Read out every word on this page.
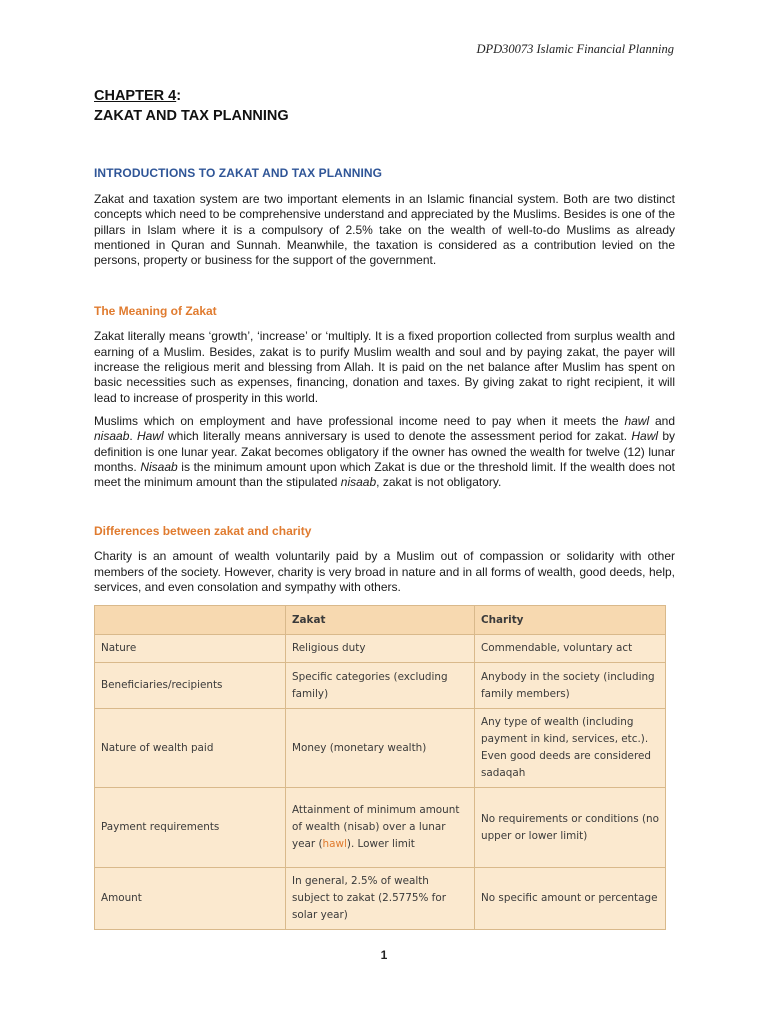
DPD30073 Islamic Financial Planning
CHAPTER 4:
ZAKAT AND TAX PLANNING
INTRODUCTIONS TO ZAKAT AND TAX PLANNING

Zakat and taxation system are two important elements in an Islamic financial system. Both are two distinct concepts which need to be comprehensive understand and appreciated by the Muslims. Besides is one of the pillars in Islam where it is a compulsory of 2.5% take on the wealth of well-to-do Muslims as already mentioned in Quran and Sunnah. Meanwhile, the taxation is considered as a contribution levied on the persons, property or business for the support of the government.

The Meaning of Zakat

Zakat literally means ‘growth’, ‘increase’ or ‘multiply. It is a fixed proportion collected from surplus wealth and earning of a Muslim. Besides, zakat is to purify Muslim wealth and soul and by paying zakat, the payer will increase the religious merit and blessing from Allah. It is paid on the net balance after Muslim has spent on basic necessities such as expenses, financing, donation and taxes. By giving zakat to right recipient, it will lead to increase of prosperity in this world.

Muslims which on employment and have professional income need to pay when it meets the hawl and nisaab. Hawl which literally means anniversary is used to denote the assessment period for zakat. Hawl by definition is one lunar year. Zakat becomes obligatory if the owner has owned the wealth for twelve (12) lunar months. Nisaab is the minimum amount upon which Zakat is due or the threshold limit. If the wealth does not meet the minimum amount than the stipulated nisaab, zakat is not obligatory.

Differences between zakat and charity

Charity is an amount of wealth voluntarily paid by a Muslim out of compassion or solidarity with other members of the society. However, charity is very broad in nature and in all forms of wealth, good deeds, help, services, and even consolation and sympathy with others.

	Zakat	Charity
Nature	Religious duty	Commendable, voluntary act
Beneficiaries/recipients	Specific categories (excluding family)	Anybody in the society (including family members)
Nature of wealth paid	Money (monetary wealth)	Any type of wealth (including payment in kind, services, etc.). Even good deeds are considered sadaqah
Payment requirements	Attainment of minimum amount of wealth (nisab) over a lunar year (hawl). Lower limit	No requirements or conditions (no upper or lower limit)
Amount	In general, 2.5% of wealth subject to zakat (2.5775% for solar year)	No specific amount or percentage
1
